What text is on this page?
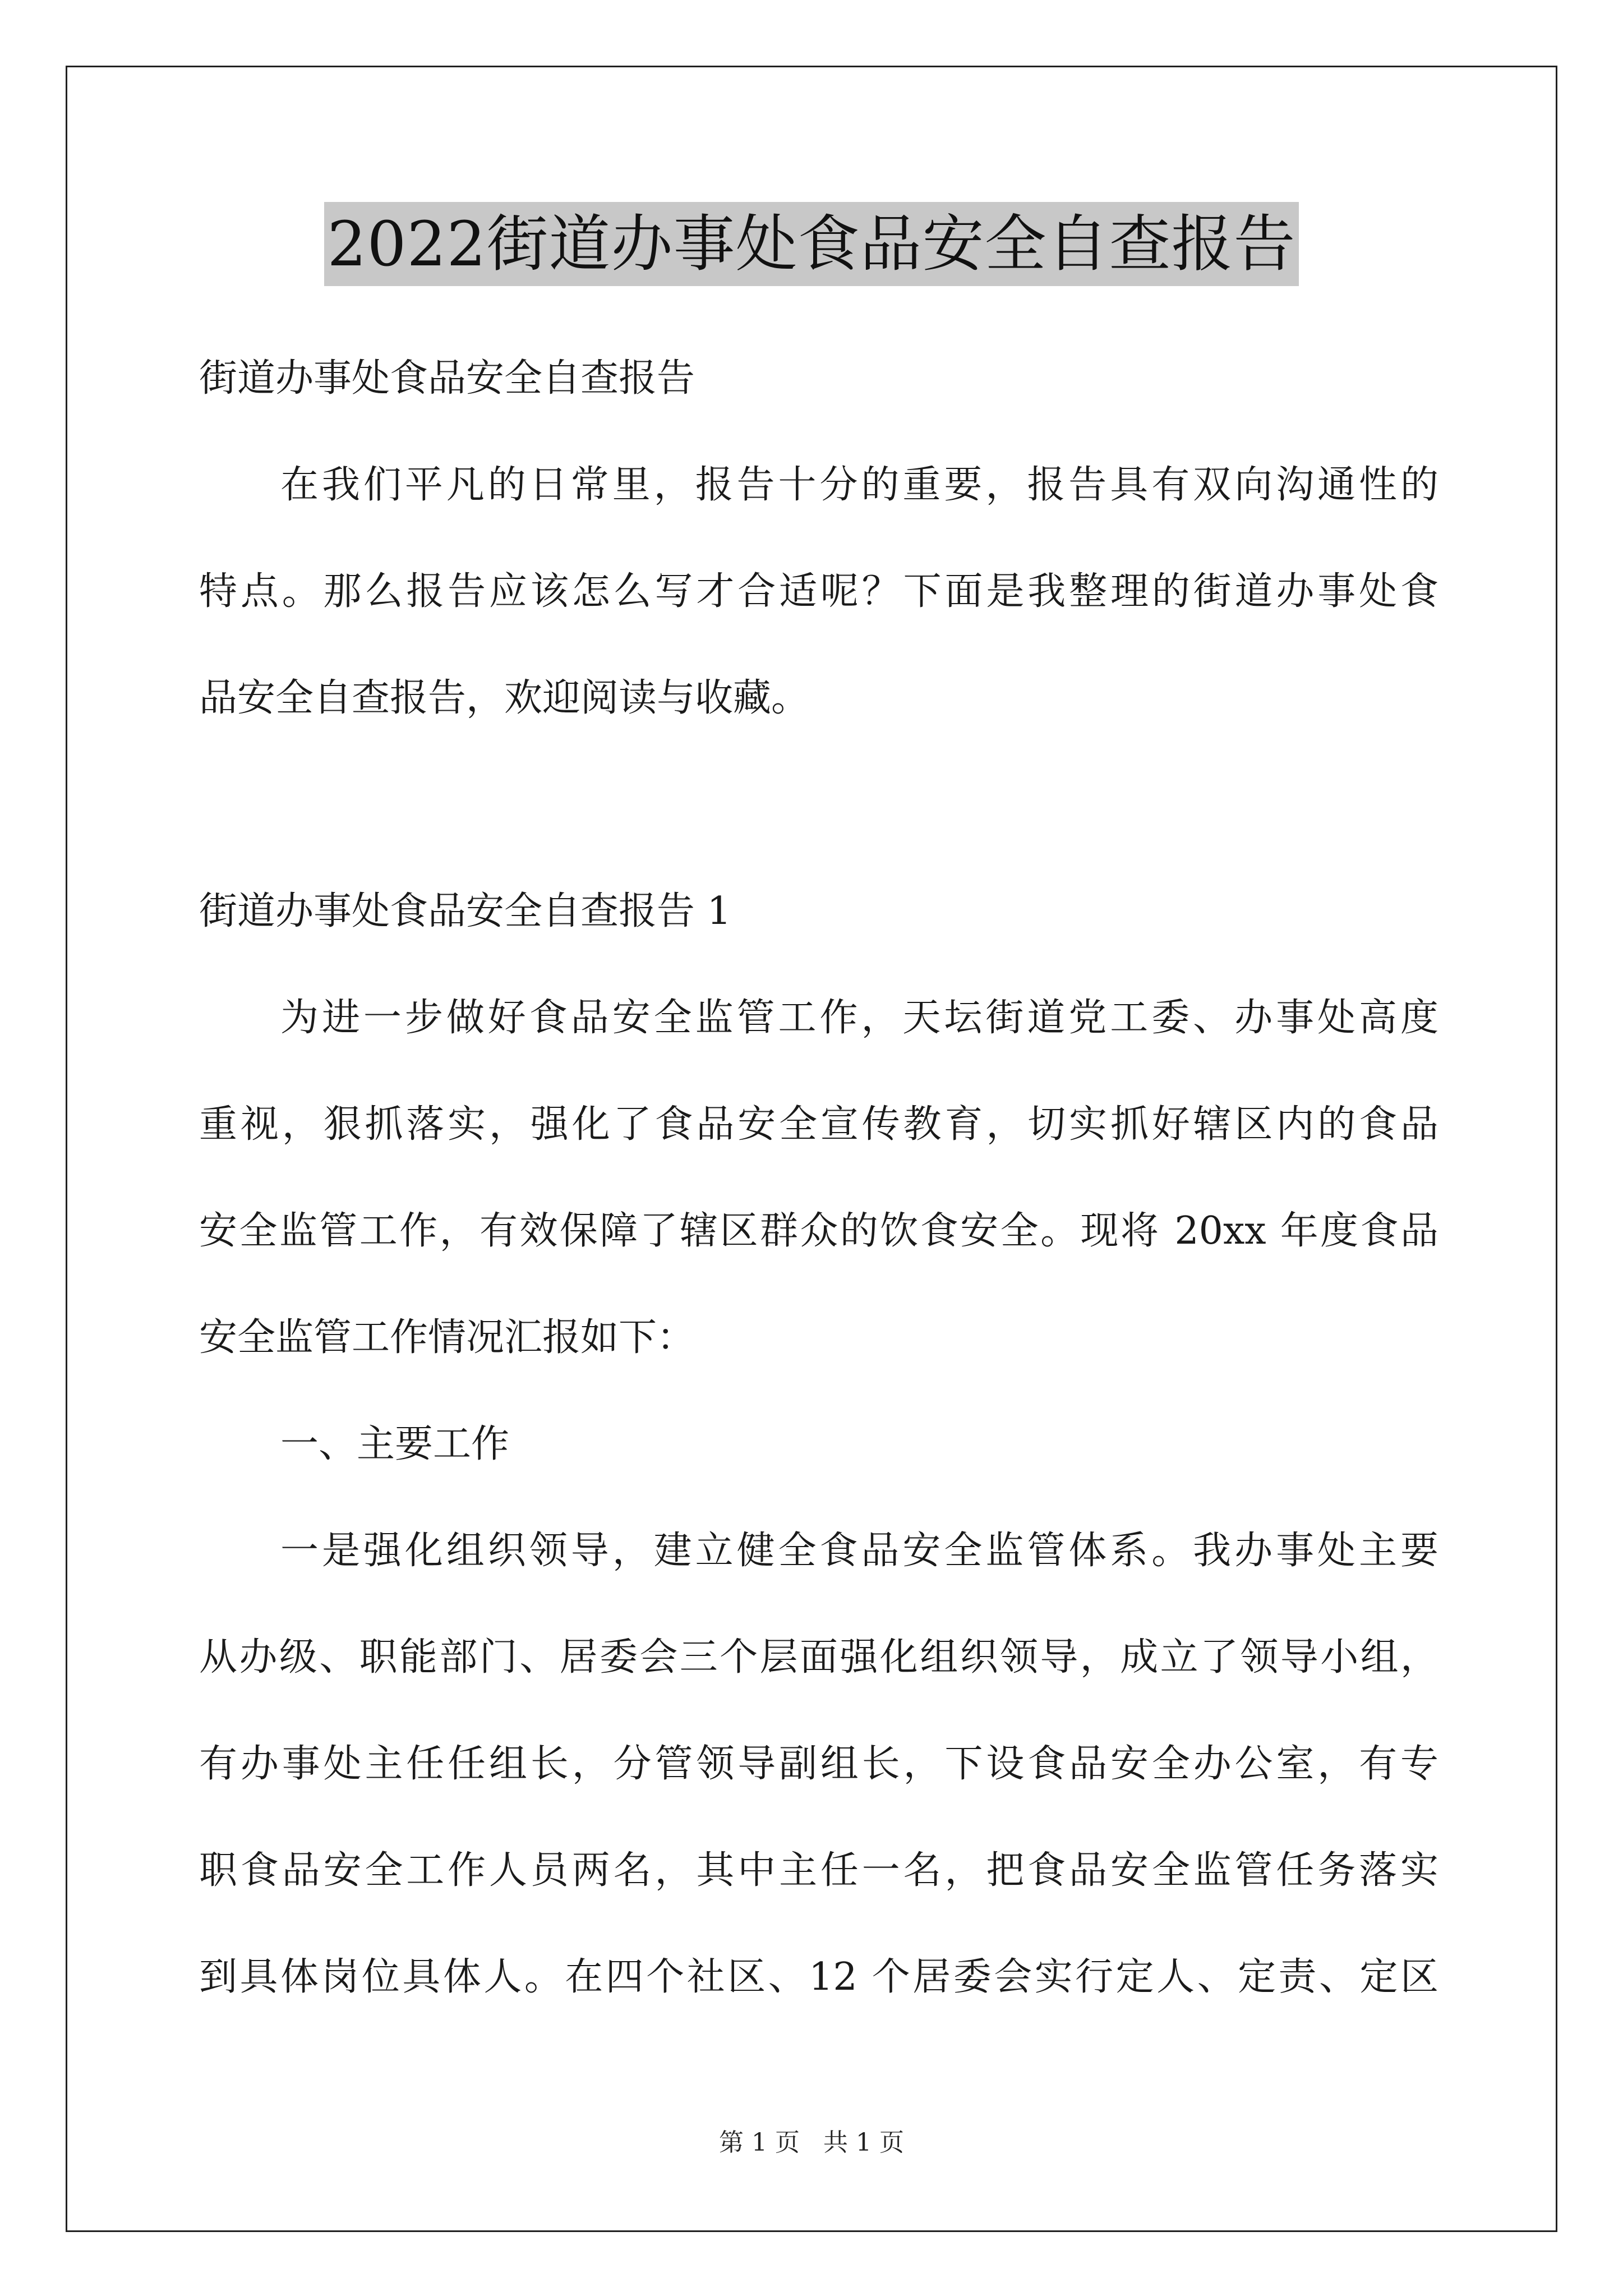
2022街道办事处食品安全自查报告
街道办事处食品安全自查报告
在我们平凡的日常里，报告十分的重要，报告具有双向沟通性的
特点。那么报告应该怎么写才合适呢？下面是我整理的街道办事处食
品安全自查报告，欢迎阅读与收藏。
街道办事处食品安全自查报告 1
为进一步做好食品安全监管工作，天坛街道党工委、办事处高度
重视，狠抓落实，强化了食品安全宣传教育，切实抓好辖区内的食品
安全监管工作，有效保障了辖区群众的饮食安全。现将 20xx 年度食品
安全监管工作情况汇报如下：
一、主要工作
一是强化组织领导，建立健全食品安全监管体系。我办事处主要
从办级、职能部门、居委会三个层面强化组织领导，成立了领导小组，
有办事处主任任组长，分管领导副组长，下设食品安全办公室，有专
职食品安全工作人员两名，其中主任一名，把食品安全监管任务落实
到具体岗位具体人。在四个社区、12 个居委会实行定人、定责、定区
第 1 页 共 1 页
